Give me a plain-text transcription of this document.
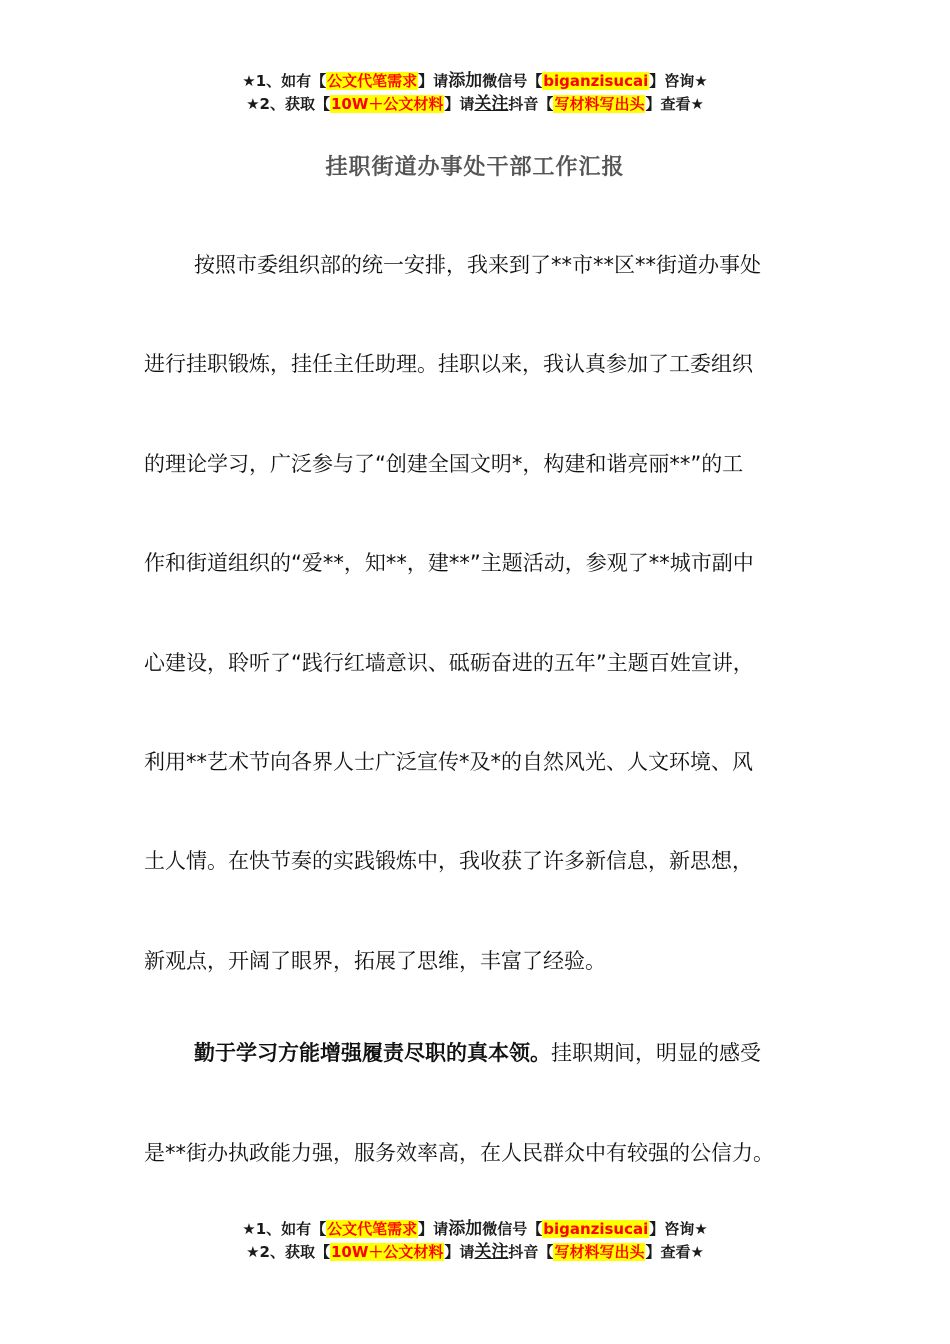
★1、如有【公文代笔需求】请添加微信号【biganzisucai】咨询★
★2、获取【10W＋公文材料】请关注抖音【写材料写出头】查看★
挂职街道办事处干部工作汇报
按照市委组织部的统一安排，我来到了**市**区**街道办事处
进行挂职锻炼，挂任主任助理。挂职以来，我认真参加了工委组织
的理论学习，广泛参与了“创建全国文明*，构建和谐亮丽**”的工
作和街道组织的“爱**，知**，建**”主题活动，参观了**城市副中
心建设，聆听了“践行红墙意识、砥砺奋进的五年”主题百姓宣讲，
利用**艺术节向各界人士广泛宣传*及*的自然风光、人文环境、风
土人情。在快节奏的实践锻炼中，我收获了许多新信息，新思想，
新观点，开阔了眼界，拓展了思维，丰富了经验。
勤于学习方能增强履责尽职的真本领。挂职期间，明显的感受
是**街办执政能力强，服务效率高，在人民群众中有较强的公信力。
★1、如有【公文代笔需求】请添加微信号【biganzisucai】咨询★
★2、获取【10W＋公文材料】请关注抖音【写材料写出头】查看★
